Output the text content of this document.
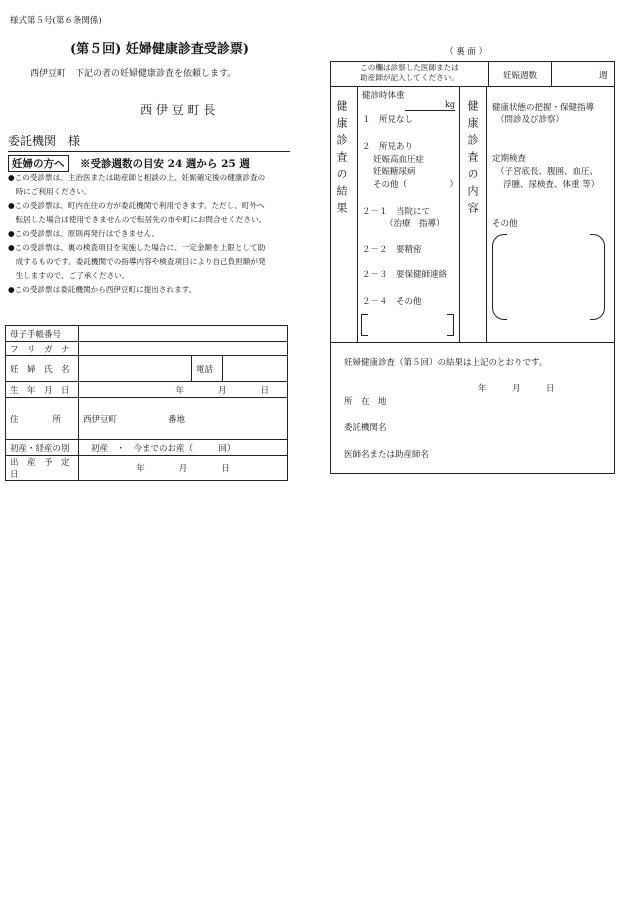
様式第５号(第６条関係)
(第５回) 妊婦健康診査受診票)
西伊豆町　下記の者の妊婦健康診査を依頼します。
西 伊 豆 町 長
委託機関　様
妊婦の方へ	※受診週数の目安 24 週から 25 週
●この受診票は、主治医または助産師と相談の上、妊娠確定後の健康診査の
　時にご利用ください。
●この受診票は、町内在住の方が委託機関で利用できます。ただし、町外へ
　転居した場合は使用できませんので転居先の市や町にお問合せください。
●この受診票は、原則再発行はできません。
●この受診票は、裏の検査項目を実施した場合に、一定金額を上限として助
　成するものです。委託機関での指導内容や検査項目により自己負担額が発
　生しますので、ご了承ください。
●この受診票は委託機関から西伊豆町に提出されます。
母子手帳番号			
フ　リ　ガ　ナ			
妊　婦　氏　名		電話	
生　年　月　日	年　　　　月　　　　日		
住　　　　所	西伊豆町　　　　　　番地		
初産・経産の別	初産　・　今までのお産（　　　回）		
出　産　予　定　日	年　　　　月　　　　日		
（ 裏 面 ）
この欄は診察した医師または
助産師が記入してください。	妊娠週数	週
健康診査の結果	健康診査の内容
健診時体重
kg
１　所見なし
２　所見あり
妊娠高血圧症
妊娠糖尿病
その他（　　　　　）
２－１　当院にて
（治療　指導）
２－２　要精密
２－３　要保健師連絡
２－４　その他
健康状態の把握・保健指導
（問診及び診察）
定期検査
（子宮底長、腹囲、血圧、
浮腫、尿検査、体重 等）
その他
妊婦健康診査（第５回）の結果は上記のとおりです。
年　　　月　　　日
所　在　地
委託機関名
医師名または助産師名
